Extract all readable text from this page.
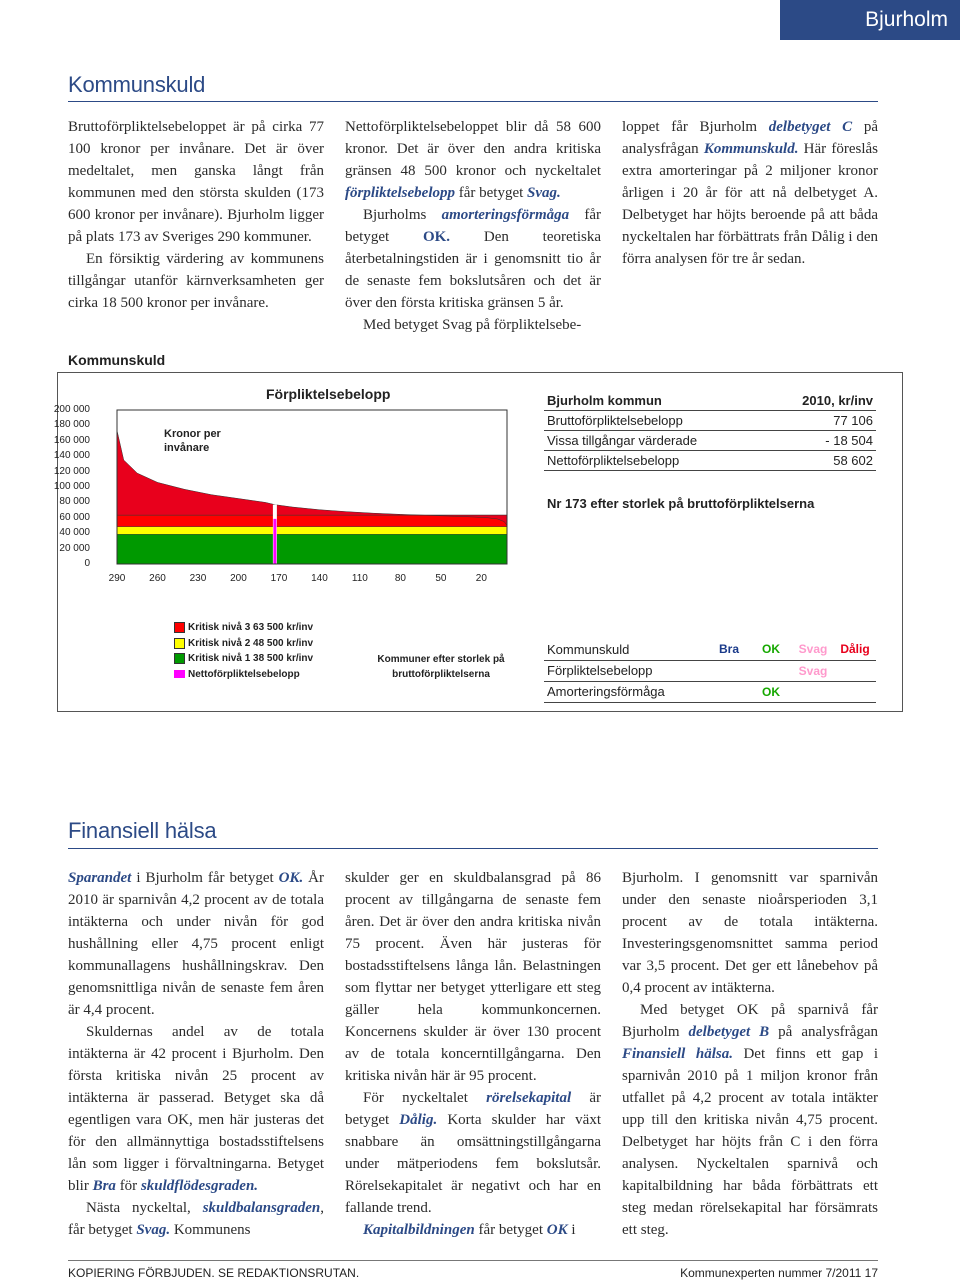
Bjurholm
Kommunskuld

Bruttoförpliktelsebeloppet är på cirka 77 100 kronor per invånare. Det är över medeltalet, men ganska långt från kommunen med den största skulden (173 600 kronor per invånare). Bjurholm ligger på plats 173 av Sveriges 290 kommuner.

En försiktig värdering av kommunens tillgångar utanför kärnverksamheten ger cirka 18 500 kronor per invånare.

Nettoförpliktelsebeloppet blir då 58 600 kronor. Det är över den andra kritiska gränsen 48 500 kronor och nyckeltalet förpliktelsebelopp får betyget Svag.

Bjurholms amorteringsförmåga får betyget OK. Den teoretiska återbetalningstiden är i genomsnitt tio år de senaste fem bokslutsåren och det är över den första kritiska gränsen 5 år.

Med betyget Svag på förpliktelsebe-

loppet får Bjurholm delbetyget C på analysfrågan Kommunskuld. Här föreslås extra amorteringar på 2 miljoner kronor årligen i 20 år för att nå delbetyget A. Delbetyget har höjts beroende på att båda nyckeltalen har förbättrats från Dålig i den förra analysen för tre år sedan.

Kommunskuld
Förpliktelsebelopp
Kronor per invånare
200 000
180 000
160 000
140 000
120 000
100 000
80 000
60 000
40 000
20 000
0
290	260	230	200	170	140	110	80	50	20
Kritisk nivå 3 63 500 kr/inv
Kritisk nivå 2 48 500 kr/inv
Kritisk nivå 1 38 500 kr/inv
Nettoförpliktelsebelopp
Kommuner efter storlek på bruttoförpliktelserna
Bjurholm kommun	2010, kr/inv
Bruttoförpliktelsebelopp	77 106
Vissa tillgångar värderade	- 18 504
Nettoförpliktelsebelopp	58 602
Nr 173 efter storlek på bruttoförpliktelserna
Kommunskuld	Bra	OK	Svag	Dålig
Förpliktelsebelopp			Svag	
Amorteringsförmåga		OK		
Finansiell hälsa

Sparandet i Bjurholm får betyget OK. År 2010 är sparnivån 4,2 procent av de totala intäkterna och under nivån för god hushållning eller 4,75 procent enligt kommunallagens hushållningskrav. Den genomsnittliga nivån de senaste fem åren är 4,4 procent.

Skuldernas andel av de totala intäkterna är 42 procent i Bjurholm. Den första kritiska nivån 25 procent av intäkterna är passerad. Betyget ska då egentligen vara OK, men här justeras det för den allmännyttiga bostadsstiftelsens lån som ligger i förvaltningarna. Betyget blir Bra för skuldflödesgraden.

Nästa nyckeltal, skuldbalansgraden, får betyget Svag. Kommunens

skulder ger en skuldbalansgrad på 86 procent av tillgångarna de senaste fem åren. Det är över den andra kritiska nivån 75 procent. Även här justeras för bostadsstiftelsens långa lån. Belastningen som flyttar ner betyget ytterligare ett steg gäller hela kommunkoncernen. Koncernens skulder är över 130 procent av de totala koncerntillgångarna. Den kritiska nivån här är 95 procent.

För nyckeltalet rörelsekapital är betyget Dålig. Korta skulder har växt snabbare än omsättningstillgångarna under mätperiodens fem bokslutsår. Rörelsekapitalet är negativt och har en fallande trend.

Kapitalbildningen får betyget OK i

Bjurholm. I genomsnitt var sparnivån under den senaste nioårsperioden 3,1 procent av de totala intäkterna. Investeringsgenomsnittet samma period var 3,5 procent. Det ger ett lånebehov på 0,4 procent av intäkterna.

Med betyget OK på sparnivå får Bjurholm delbetyget B på analysfrågan Finansiell hälsa. Det finns ett gap i sparnivån 2010 på 1 miljon kronor från utfallet på 4,2 procent av totala intäkter upp till den kritiska nivån 4,75 procent. Delbetyget har höjts från C i den förra analysen. Nyckeltalen sparnivå och kapitalbildning har båda förbättrats ett steg medan rörelsekapital har försämrats ett steg.

KOPIERING FÖRBJUDEN. SE REDAKTIONSRUTAN.	Kommunexperten nummer 7/2011 17
